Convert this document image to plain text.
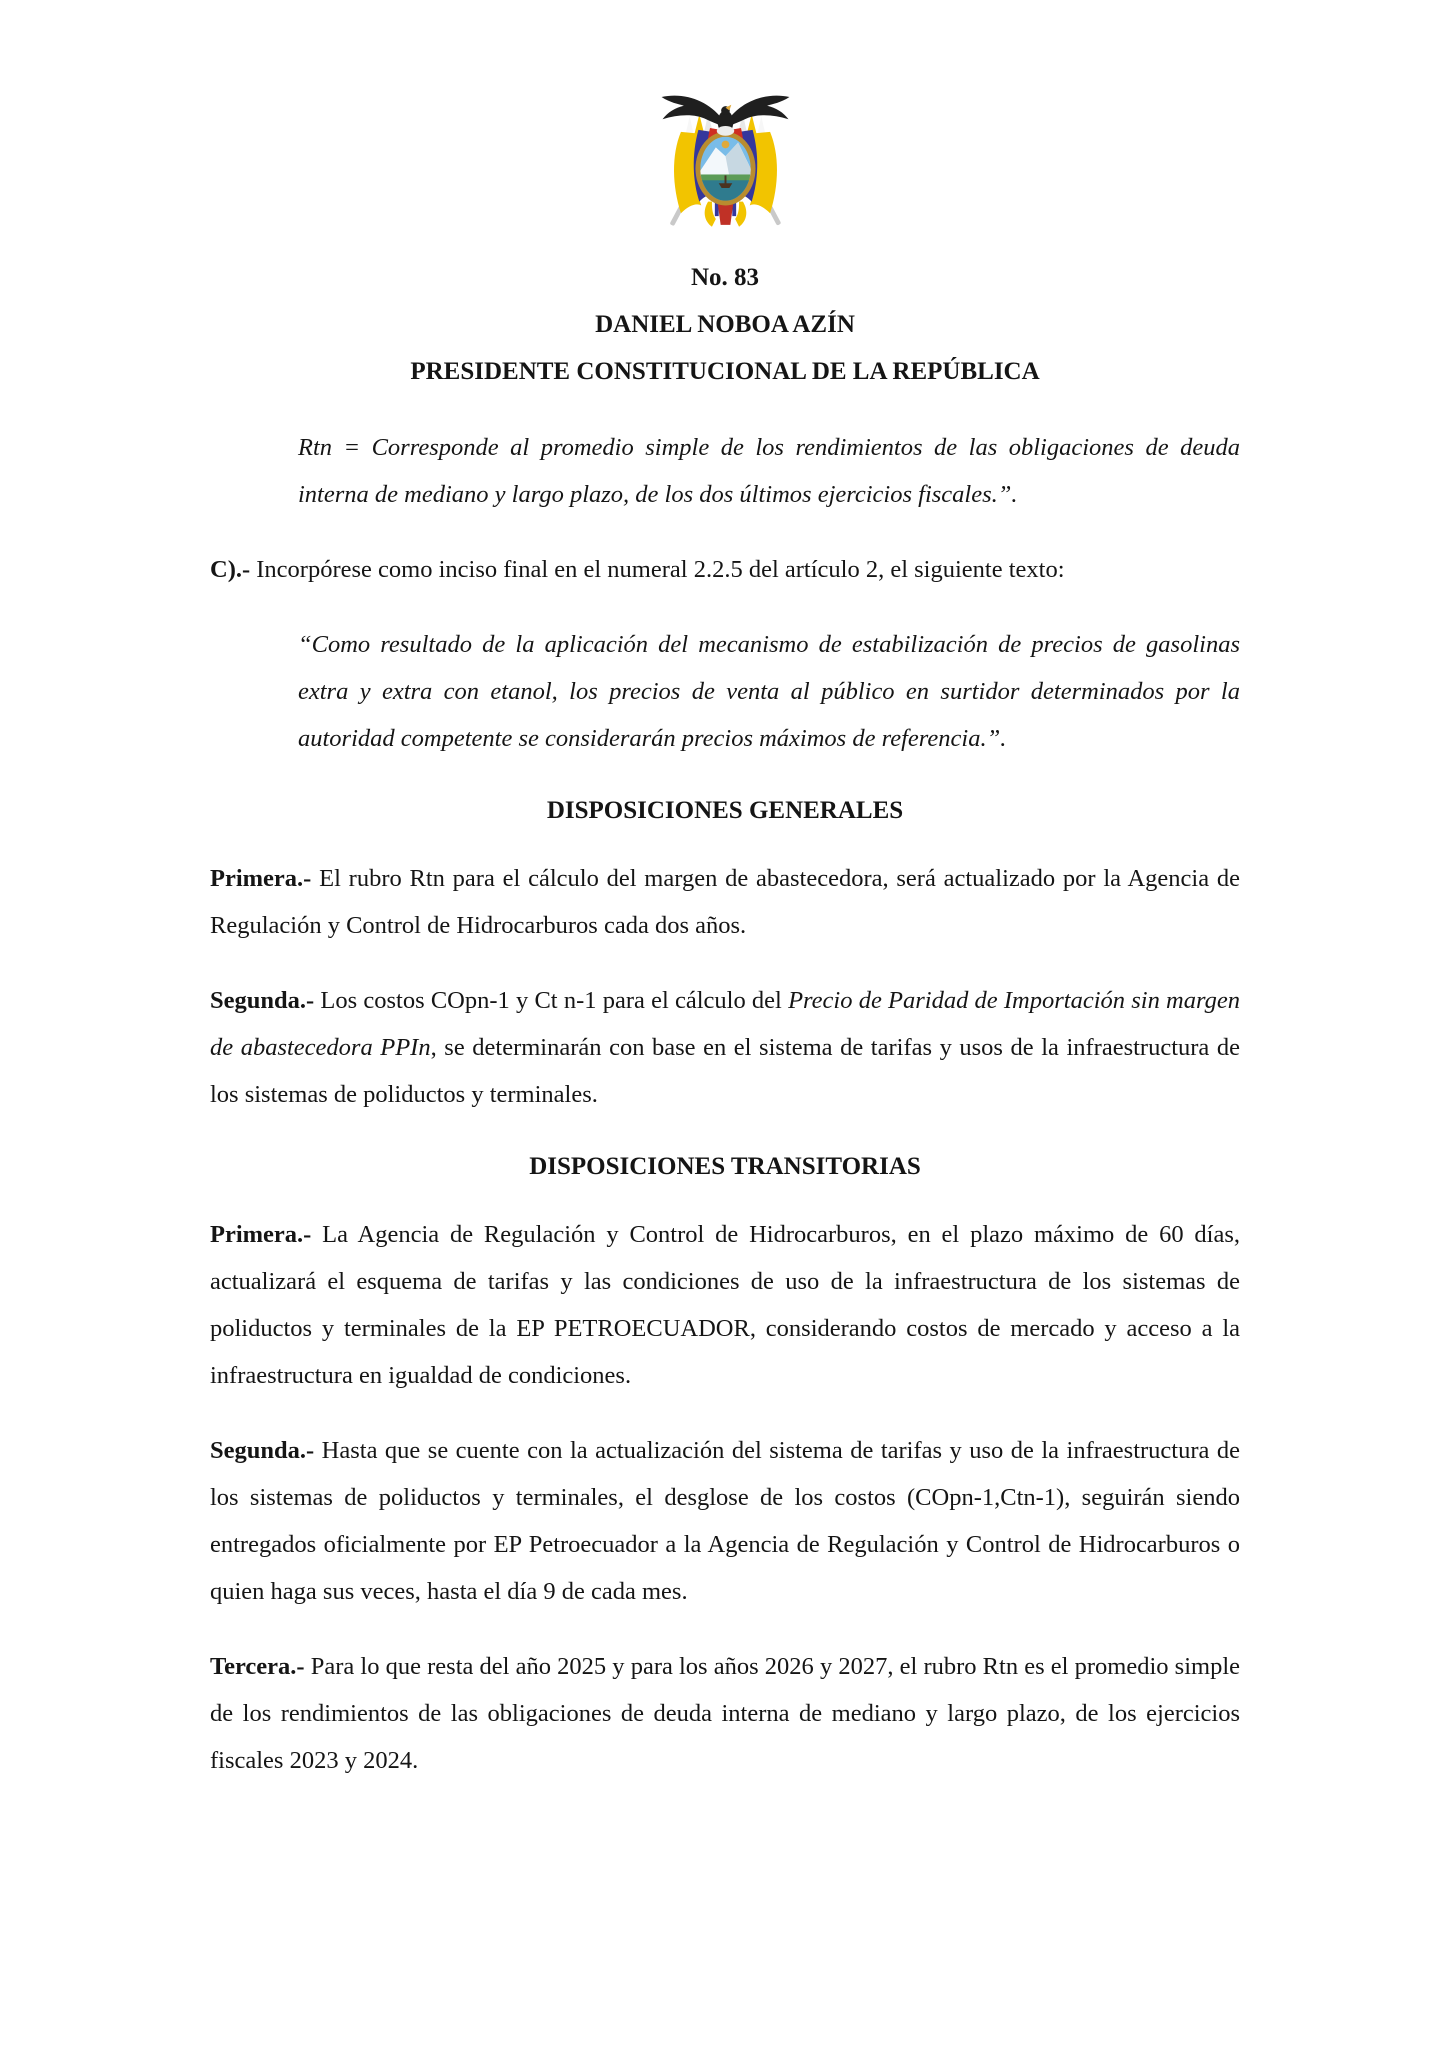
No. 83

DANIEL NOBOA AZÍN

PRESIDENTE CONSTITUCIONAL DE LA REPÚBLICA

Rtn = Corresponde al promedio simple de los rendimientos de las obligaciones de deuda interna de mediano y largo plazo, de los dos últimos ejercicios fiscales.”.

C).- Incorpórese como inciso final en el numeral 2.2.5 del artículo 2, el siguiente texto:

“Como resultado de la aplicación del mecanismo de estabilización de precios de gasolinas extra y extra con etanol, los precios de venta al público en surtidor determinados por la autoridad competente se considerarán precios máximos de referencia.”.

DISPOSICIONES GENERALES

Primera.- El rubro Rtn para el cálculo del margen de abastecedora, será actualizado por la Agencia de Regulación y Control de Hidrocarburos cada dos años.

Segunda.- Los costos COpn-1 y Ct n-1 para el cálculo del Precio de Paridad de Importación sin margen de abastecedora PPIn, se determinarán con base en el sistema de tarifas y usos de la infraestructura de los sistemas de poliductos y terminales.

DISPOSICIONES TRANSITORIAS

Primera.- La Agencia de Regulación y Control de Hidrocarburos, en el plazo máximo de 60 días, actualizará el esquema de tarifas y las condiciones de uso de la infraestructura de los sistemas de poliductos y terminales de la EP PETROECUADOR, considerando costos de mercado y acceso a la infraestructura en igualdad de condiciones.

Segunda.- Hasta que se cuente con la actualización del sistema de tarifas y uso de la infraestructura de los sistemas de poliductos y terminales, el desglose de los costos (COpn-1,Ctn-1), seguirán siendo entregados oficialmente por EP Petroecuador a la Agencia de Regulación y Control de Hidrocarburos o quien haga sus veces, hasta el día 9 de cada mes.

Tercera.- Para lo que resta del año 2025 y para los años 2026 y 2027, el rubro Rtn es el promedio simple de los rendimientos de las obligaciones de deuda interna de mediano y largo plazo, de los ejercicios fiscales 2023 y 2024.
